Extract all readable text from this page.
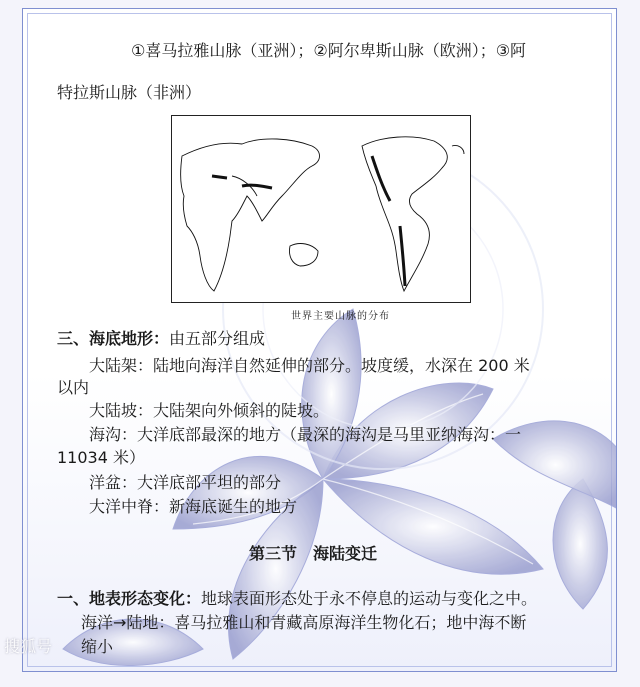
①喜马拉雅山脉（亚洲）；②阿尔卑斯山脉（欧洲）；③阿
特拉斯山脉（非洲）
世界主要山脉的分布
三、海底地形：由五部分组成
大陆架：陆地向海洋自然延伸的部分。坡度缓，水深在 200 米
以内
大陆坡：大陆架向外倾斜的陡坡。
海沟：大洋底部最深的地方（最深的海沟是马里亚纳海沟：一
11034 米）
洋盆：大洋底部平坦的部分
大洋中脊：新海底诞生的地方
第三节　海陆变迁
一、地表形态变化：地球表面形态处于永不停息的运动与变化之中。
海洋→陆地：喜马拉雅山和青藏高原海洋生物化石；地中海不断
缩小
搜狐号
